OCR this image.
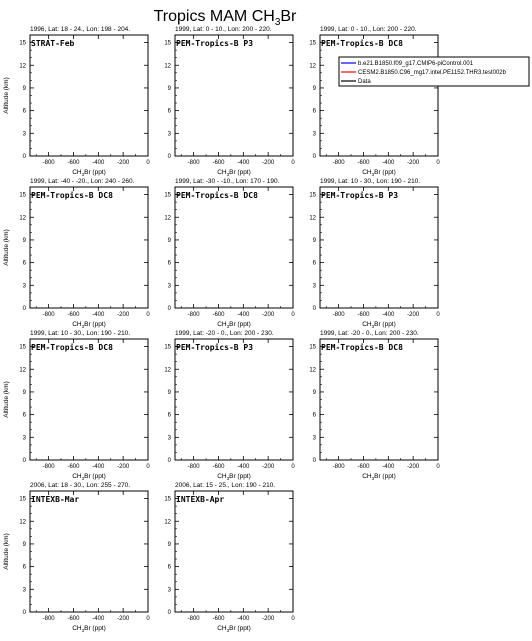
Tropics MAM $CH_3Br$
1996, Lat: 18 - 24., Lon: 198 - 204.
STRAT-Feb
-800 -600 -400 -200	0
0
3
6
9
12
15
$CH_3Br$ (ppt)
Altitude (km)
1999, Lat: 0 - 10., Lon: 200 - 220.
PEM-Tropics-B P3
-800 -600 -400 -200	0
0
3
6
9
12
15
$CH_3Br$ (ppt)
1999, Lat: 0 - 10., Lon: 200 - 220.
PEM-Tropics-B DC8
-800 -600 -400 -200	0
0
3
6
9
12
15
$CH_3Br$ (ppt)
1999, Lat: -40 - -20., Lon: 240 - 260.
PEM-Tropics-B DC8
-800 -600 -400 -200	0
0
3
6
9
12
15
$CH_3Br$ (ppt)
Altitude (km)
1999, Lat: -30 - -10., Lon: 170 - 190.
PEM-Tropics-B DC8
-800 -600 -400 -200	0
0
3
6
9
12
15
$CH_3Br$ (ppt)
1999, Lat: 10 - 30., Lon: 190 - 210.
PEM-Tropics-B P3
-800 -600 -400 -200	0
0
3
6
9
12
15
$CH_3Br$ (ppt)
1999, Lat: 10 - 30., Lon: 190 - 210.
PEM-Tropics-B DC8
-800 -600 -400 -200	0
0
3
6
9
12
15
$CH_3Br$ (ppt)
Altitude (km)
1999, Lat: -20 - 0., Lon: 200 - 230.
PEM-Tropics-B P3
-800 -600 -400 -200	0
0
3
6
9
12
15
$CH_3Br$ (ppt)
1999, Lat: -20 - 0., Lon: 200 - 230.
PEM-Tropics-B DC8
-800 -600 -400 -200	0
0
3
6
9
12
15
$CH_3Br$ (ppt)
2006, Lat: 18 - 30., Lon: 255 - 270.
INTEXB-Mar
-800 -600 -400 -200	0
0
3
6
9
12
15
$CH_3Br$ (ppt)
Altitude (km)
2006, Lat: 15 - 25., Lon: 190 - 210.
INTEXB-Apr
-800 -600 -400 -200	0
0
3
6
9
12
15
$CH_3Br$ (ppt)
b.e21.B1850.f09_g17.CMIP6-piControl.001
CESM2.B1850.C96_mg17.intel.PE1152.THR3.test002b
Data
